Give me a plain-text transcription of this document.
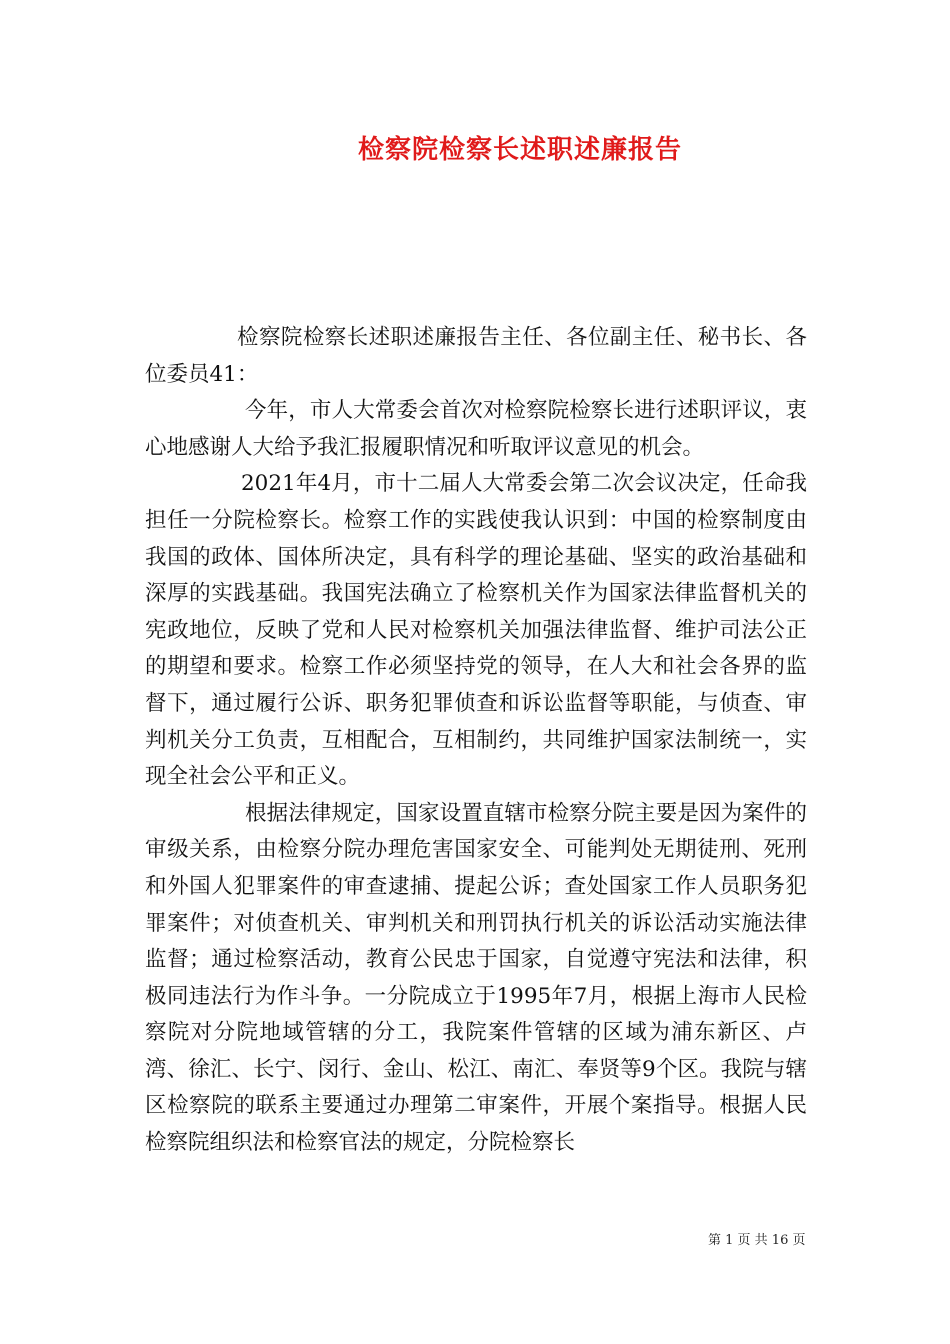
检察院检察长述职述廉报告

检察院检察长述职述廉报告主任、各位副主任、秘书长、各位委员41：

今年，市人大常委会首次对检察院检察长进行述职评议，衷心地感谢人大给予我汇报履职情况和听取评议意见的机会。

2021年4月，市十二届人大常委会第二次会议决定，任命我担任一分院检察长。检察工作的实践使我认识到：中国的检察制度由我国的政体、国体所决定，具有科学的理论基础、坚实的政治基础和深厚的实践基础。我国宪法确立了检察机关作为国家法律监督机关的宪政地位，反映了党和人民对检察机关加强法律监督、维护司法公正的期望和要求。检察工作必须坚持党的领导，在人大和社会各界的监督下，通过履行公诉、职务犯罪侦查和诉讼监督等职能，与侦查、审判机关分工负责，互相配合，互相制约，共同维护国家法制统一，实现全社会公平和正义。

根据法律规定，国家设置直辖市检察分院主要是因为案件的审级关系，由检察分院办理危害国家安全、可能判处无期徒刑、死刑和外国人犯罪案件的审查逮捕、提起公诉；查处国家工作人员职务犯罪案件；对侦查机关、审判机关和刑罚执行机关的诉讼活动实施法律监督；通过检察活动，教育公民忠于国家，自觉遵守宪法和法律，积极同违法行为作斗争。一分院成立于1995年7月，根据上海市人民检察院对分院地域管辖的分工，我院案件管辖的区域为浦东新区、卢湾、徐汇、长宁、闵行、金山、松江、南汇、奉贤等9个区。我院与辖区检察院的联系主要通过办理第二审案件，开展个案指导。根据人民检察院组织法和检察官法的规定，分院检察长

第 1 页 共 16 页
